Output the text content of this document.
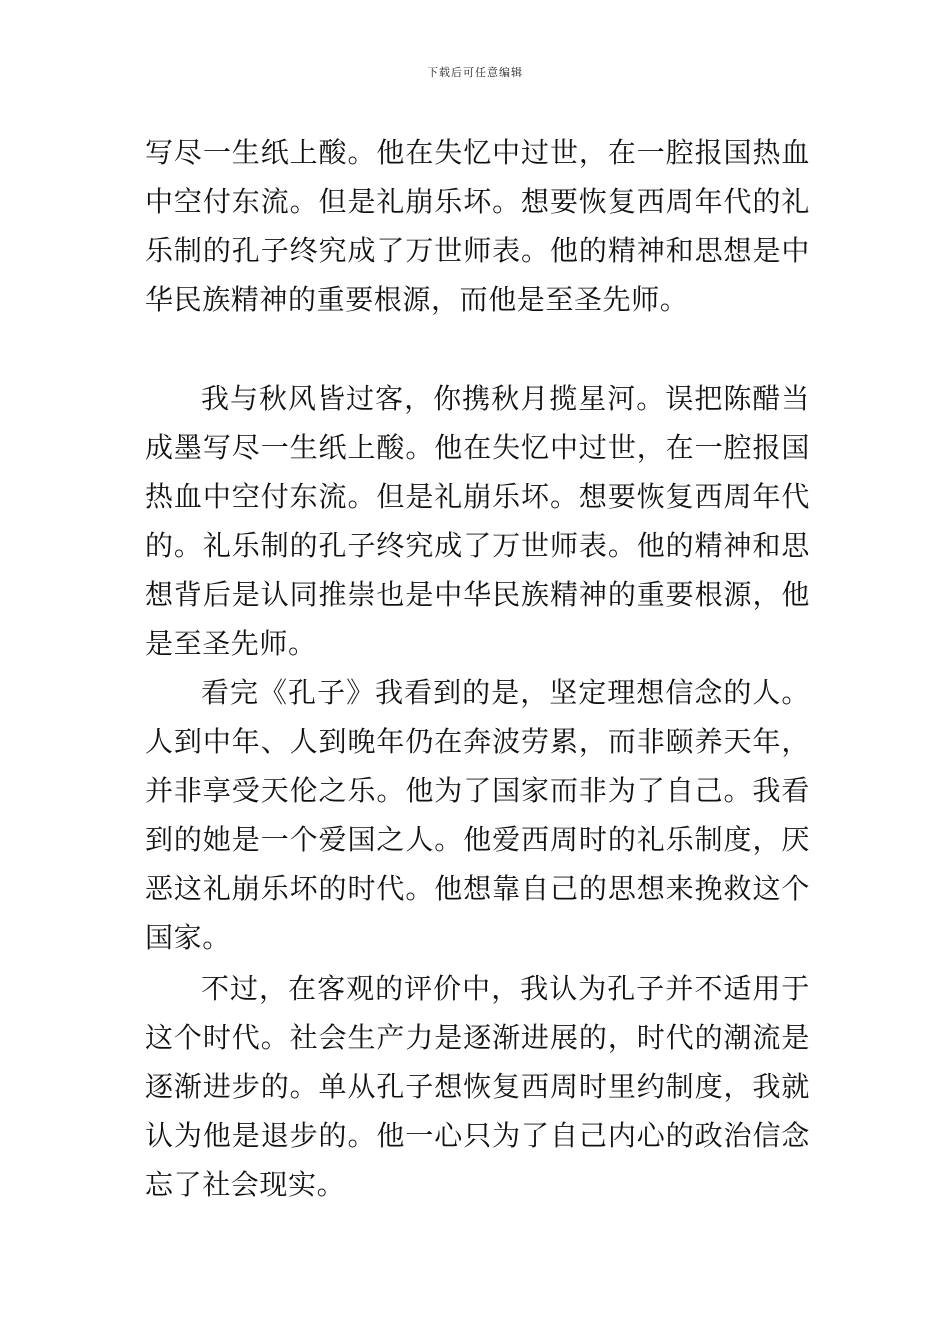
下载后可任意编辑

写尽一生纸上酸。他在失忆中过世，在一腔报国热血中空付东流。但是礼崩乐坏。想要恢复西周年代的礼乐制的孔子终究成了万世师表。他的精神和思想是中华民族精神的重要根源，而他是至圣先师。

我与秋风皆过客，你携秋月揽星河。误把陈醋当成墨写尽一生纸上酸。他在失忆中过世，在一腔报国热血中空付东流。但是礼崩乐坏。想要恢复西周年代的。礼乐制的孔子终究成了万世师表。他的精神和思想背后是认同推崇也是中华民族精神的重要根源，他是至圣先师。

看完《孔子》我看到的是，坚定理想信念的人。人到中年、人到晚年仍在奔波劳累，而非颐养天年，并非享受天伦之乐。他为了国家而非为了自己。我看到的她是一个爱国之人。他爱西周时的礼乐制度，厌恶这礼崩乐坏的时代。他想靠自己的思想来挽救这个国家。

不过，在客观的评价中，我认为孔子并不适用于这个时代。社会生产力是逐渐进展的，时代的潮流是逐渐进步的。单从孔子想恢复西周时里约制度，我就认为他是退步的。他一心只为了自己内心的政治信念忘了社会现实。
